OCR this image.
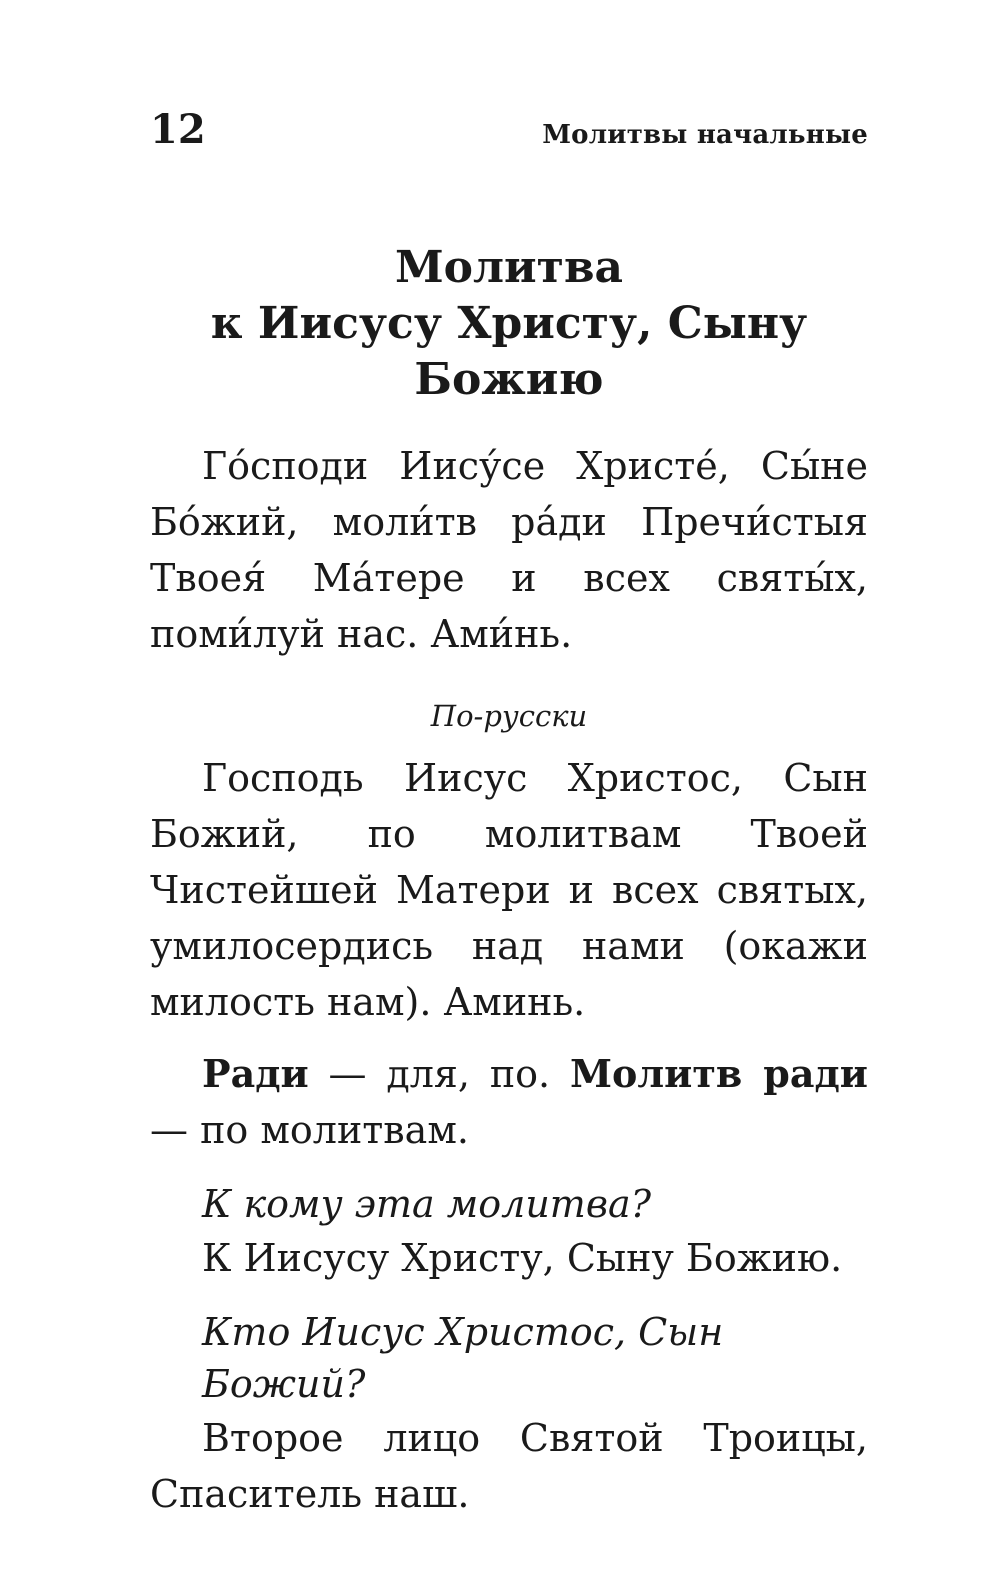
12	Молитвы начальные
Молитва
к Иисусу Христу, Сыну
Божию

Го́споди Иису́се Христе́, Сы́не Бо́жий, моли́тв ра́ди Пречи́стыя Твоея́ Ма́тере и всех святы́х, поми́луй нас. Ами́нь.

По-русски

Господь Иисус Христос, Сын Божий, по молитвам Твоей Чистейшей Матери и всех святых, умилосердись над нами (окажи милость нам). Аминь.

Ради — для, по. Молитв ради — по молитвам.

К кому эта молитва?

К Иисусу Христу, Сыну Божию.

Кто Иисус Христос, Сын Божий?

Второе лицо Святой Троицы, Спаситель наш.
